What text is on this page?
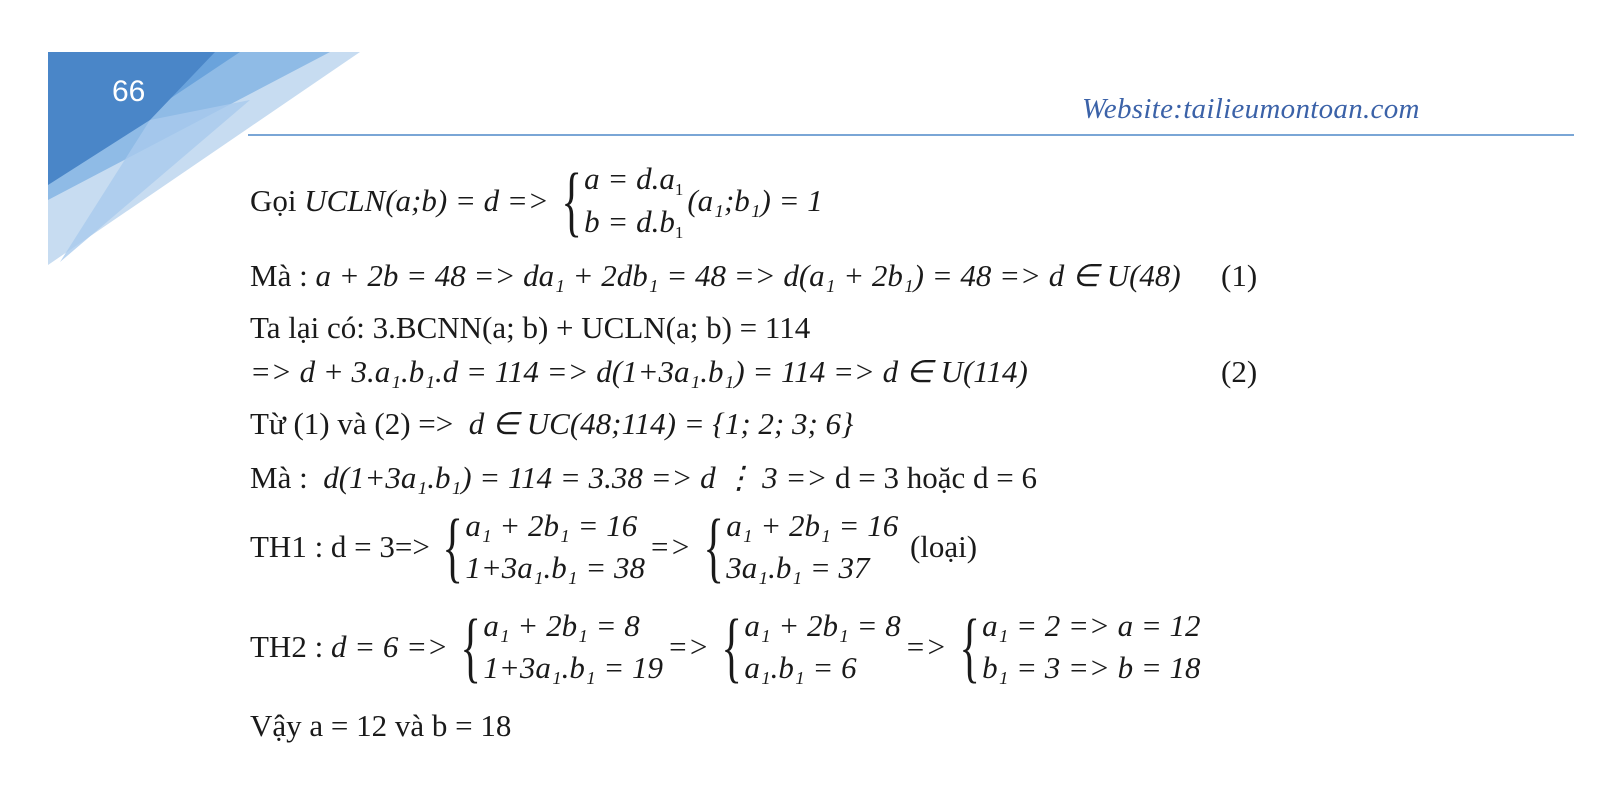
66
Website:tailieumontoan.com
Gọi
UCLN(a;b) = d => { $a = d.a_1$
$b = d.b_1$
(a₁;b₁) = 1
Mà : a + 2b = 48 => da₁ + 2db₁ = 48 => d(a₁ + 2b₁) = 48 => d ∈ U(48) (1)
Ta lại có: 3.BCNN(a; b) + UCLN(a; b) = 114
=> d + 3.a₁.b₁.d = 114 => d(1+3a₁.b₁) = 114 => d ∈ U(114)	(2)
Từ (1) và (2) => d ∈ UC(48;114) = {1; 2; 3; 6}
Mà : d(1+3a₁.b₁) = 114 = 3.38 => d ⋮ 3 => d = 3 hoặc d = 6
TH1 : d = 3=> { a₁ + 2b₁ = 16
1+3a₁.b₁ = 38
=> { a₁ + 2b₁ = 16
3a₁.b₁ = 37

(loại)
TH2 :
d = 6 => { a₁ + 2b₁ = 8
1+3a₁.b₁ = 19
=> { a₁ + 2b₁ = 8
a₁.b₁ = 6
=> { a₁ = 2 => a = 12
b₁ = 3 => b = 18
Vậy a = 12 và b = 18
